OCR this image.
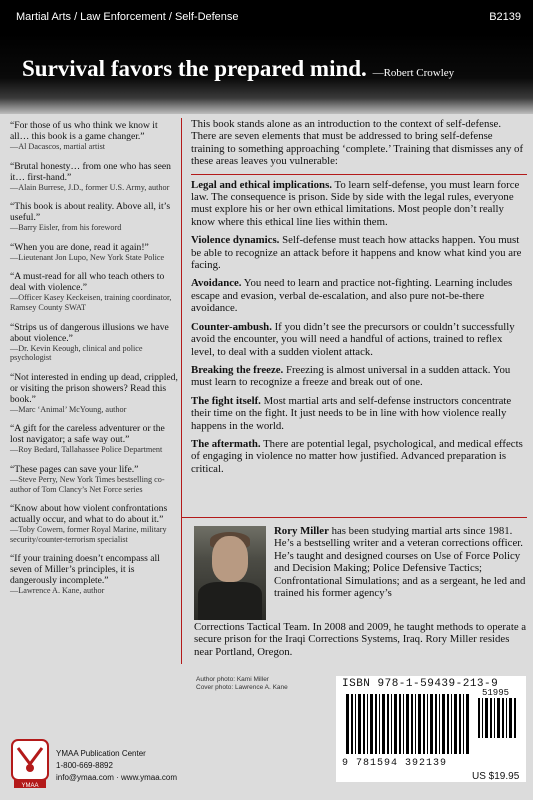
Martial Arts / Law Enforcement / Self-Defense	B2139
Survival favors the prepared mind. —Robert Crowley
“For those of us who think we know it all… this book is a game changer.”
—Al Dacascos, martial artist
“Brutal honesty… from one who has seen it… first-hand.”
—Alain Burrese, J.D., former U.S. Army, author
“This book is about reality. Above all, it’s useful.”
—Barry Eisler, from his foreword
“When you are done, read it again!”
—Lieutenant Jon Lupo, New York State Police
“A must-read for all who teach others to deal with violence.”
—Officer Kasey Keckeisen, training coordinator, Ramsey County SWAT
“Strips us of dangerous illusions we have about violence.”
—Dr. Kevin Keough, clinical and police psychologist
“Not interested in ending up dead, crippled, or visiting the prison showers? Read this book.”
—Marc ‘Animal’ McYoung, author
“A gift for the careless adventurer or the lost navigator; a safe way out.”
—Roy Bedard, Tallahassee Police Department
“These pages can save your life.”
—Steve Perry, New York Times bestselling co-author of Tom Clancy’s Net Force series
“Know about how violent confrontations actually occur, and what to do about it.”
—Toby Cowern, former Royal Marine, military security/counter-terrorism specialist
“If your training doesn’t encompass all seven of Miller’s principles, it is dangerously incomplete.”
—Lawrence A. Kane, author

This book stands alone as an introduction to the context of self-defense. There are seven elements that must be addressed to bring self-defense training to something approaching ‘complete.’ Training that dismisses any of these areas leaves you vulnerable:

Legal and ethical implications. To learn self-defense, you must learn force law. The consequence is prison. Side by side with the legal rules, everyone must explore his or her own ethical limitations. Most people don’t really know where this ethical line lies within them.

Violence dynamics. Self-defense must teach how attacks happen. You must be able to recognize an attack before it happens and know what kind you are facing.

Avoidance. You need to learn and practice not-fighting. Learning includes escape and evasion, verbal de-escalation, and also pure not-be-there avoidance.

Counter-ambush. If you didn’t see the precursors or couldn’t successfully avoid the encounter, you will need a handful of actions, trained to reflex level, to deal with a sudden violent attack.

Breaking the freeze. Freezing is almost universal in a sudden attack. You must learn to recognize a freeze and break out of one.

The fight itself. Most martial arts and self-defense instructors concentrate their time on the fight. It just needs to be in line with how violence really happens in the world.

The aftermath. There are potential legal, psychological, and medical effects of engaging in violence no matter how justified. Advanced preparation is critical.

Rory Miller has been studying martial arts since 1981. He’s a bestselling writer and a veteran corrections officer. He’s taught and designed courses on Use of Force Policy and Decision Making; Police Defensive Tactics; Confrontational Simulations; and as a sergeant, he led and trained his former agency’s

Corrections Tactical Team. In 2008 and 2009, he taught methods to operate a secure prison for the Iraqi Corrections Systems, Iraq. Rory Miller resides near Portland, Oregon.

Author photo: Kami Miller
Cover photo: Lawrence A. Kane	ISBN 978-1-59439-213-9
51995
9 781594 392139
US $19.95
YMAA
YMAA Publication Center
1-800-669-8892
info@ymaa.com · www.ymaa.com
